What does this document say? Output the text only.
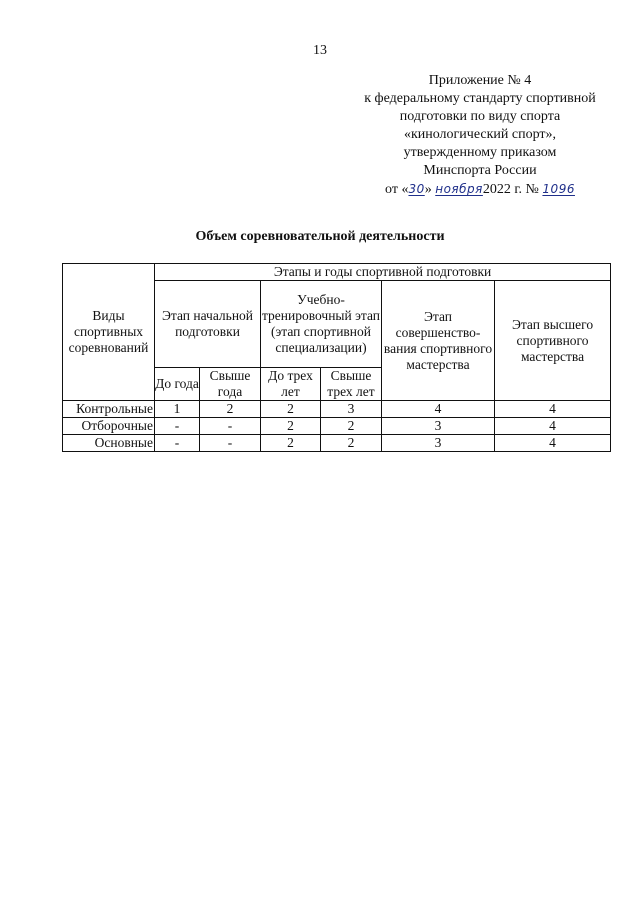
13
Приложение № 4
к федеральному стандарту спортивной
подготовки по виду спорта
«кинологический спорт»,
утвержденному приказом
Минспорта России
от «30» ноября2022 г. № 1096
Объем соревновательной деятельности
Виды спортивных соревнований	Этапы и годы спортивной подготовки					
	Этап начальной подготовки		Учебно-тренировочный этап (этап спортивной специализации)		Этап совершенство-вания спортивного мастерства	Этап высшего спортивного мастерства
	До года	Свыше года	До трех лет	Свыше трех лет		
Контрольные	1	2	2	3	4	4
Отборочные	-	-	2	2	3	4
Основные	-	-	2	2	3	4
